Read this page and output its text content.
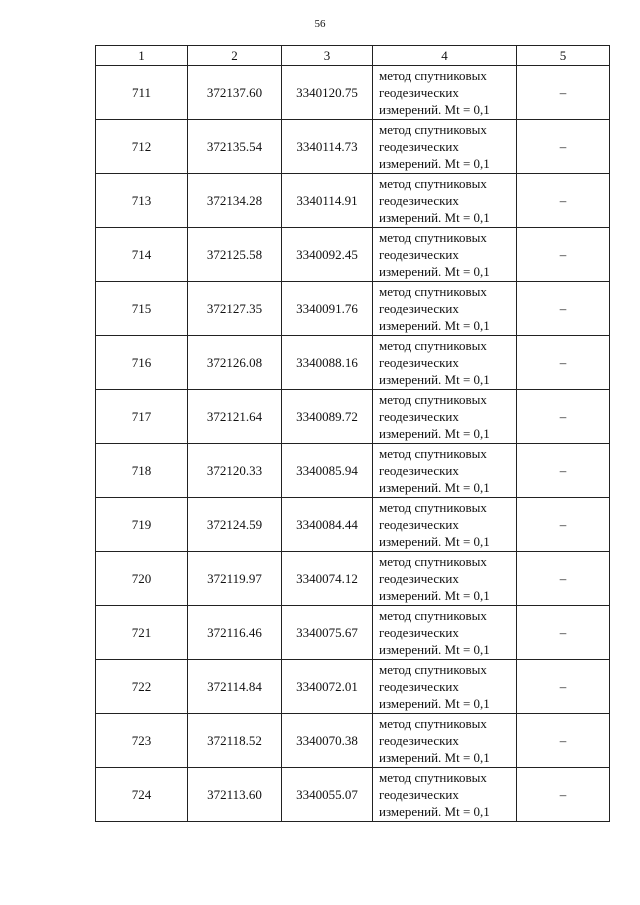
56
1	2	3	4	5
711	372137.60	3340120.75	метод спутниковых
геодезических
измерений. Mt = 0,1	–
712	372135.54	3340114.73	метод спутниковых
геодезических
измерений. Mt = 0,1	–
713	372134.28	3340114.91	метод спутниковых
геодезических
измерений. Mt = 0,1	–
714	372125.58	3340092.45	метод спутниковых
геодезических
измерений. Mt = 0,1	–
715	372127.35	3340091.76	метод спутниковых
геодезических
измерений. Mt = 0,1	–
716	372126.08	3340088.16	метод спутниковых
геодезических
измерений. Mt = 0,1	–
717	372121.64	3340089.72	метод спутниковых
геодезических
измерений. Mt = 0,1	–
718	372120.33	3340085.94	метод спутниковых
геодезических
измерений. Mt = 0,1	–
719	372124.59	3340084.44	метод спутниковых
геодезических
измерений. Mt = 0,1	–
720	372119.97	3340074.12	метод спутниковых
геодезических
измерений. Mt = 0,1	–
721	372116.46	3340075.67	метод спутниковых
геодезических
измерений. Mt = 0,1	–
722	372114.84	3340072.01	метод спутниковых
геодезических
измерений. Mt = 0,1	–
723	372118.52	3340070.38	метод спутниковых
геодезических
измерений. Mt = 0,1	–
724	372113.60	3340055.07	метод спутниковых
геодезических
измерений. Mt = 0,1	–
